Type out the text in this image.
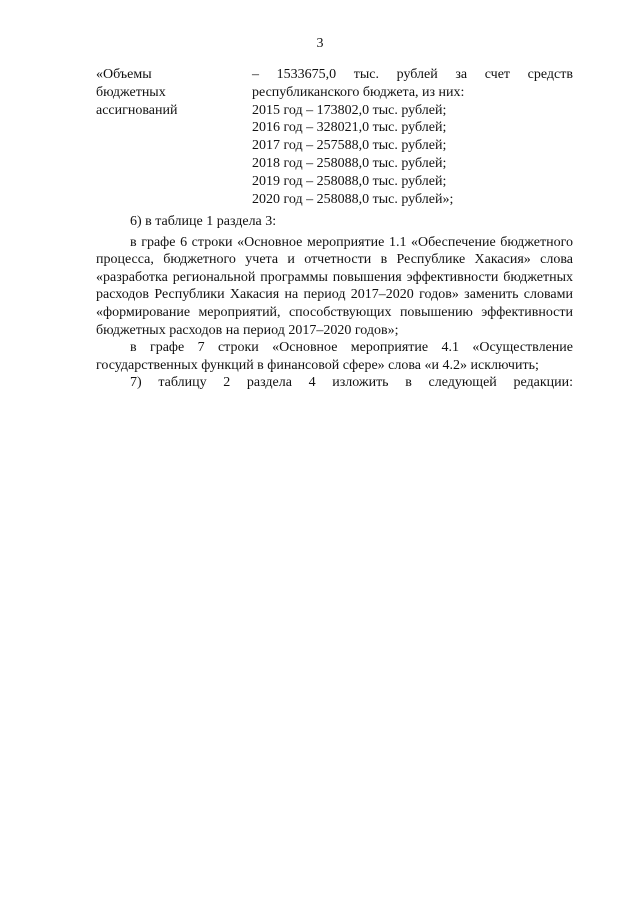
3
«Объемы
бюджетных
ассигнований
– 1533675,0 тыс. рублей за счет средств
республиканского бюджета, из них:
2015 год – 173802,0 тыс. рублей;
2016 год – 328021,0 тыс. рублей;
2017 год – 257588,0 тыс. рублей;
2018 год – 258088,0 тыс. рублей;
2019 год – 258088,0 тыс. рублей;
2020 год – 258088,0 тыс. рублей»;

6) в таблице 1 раздела 3:

в графе 6 строки «Основное мероприятие 1.1 «Обеспечение бюджетного процесса, бюджетного учета и отчетности в Республике Хакасия» слова «разработка региональной программы повышения эффективности бюджетных расходов Республики Хакасия на период 2017–2020 годов» заменить словами «формирование мероприятий, способствующих повышению эффективности бюджетных расходов на период 2017–2020 годов»;

в графе 7 строки «Основное мероприятие 4.1 «Осуществление государственных функций в финансовой сфере» слова «и 4.2» исключить;

7) таблицу 2 раздела 4 изложить в следующей редакции:
